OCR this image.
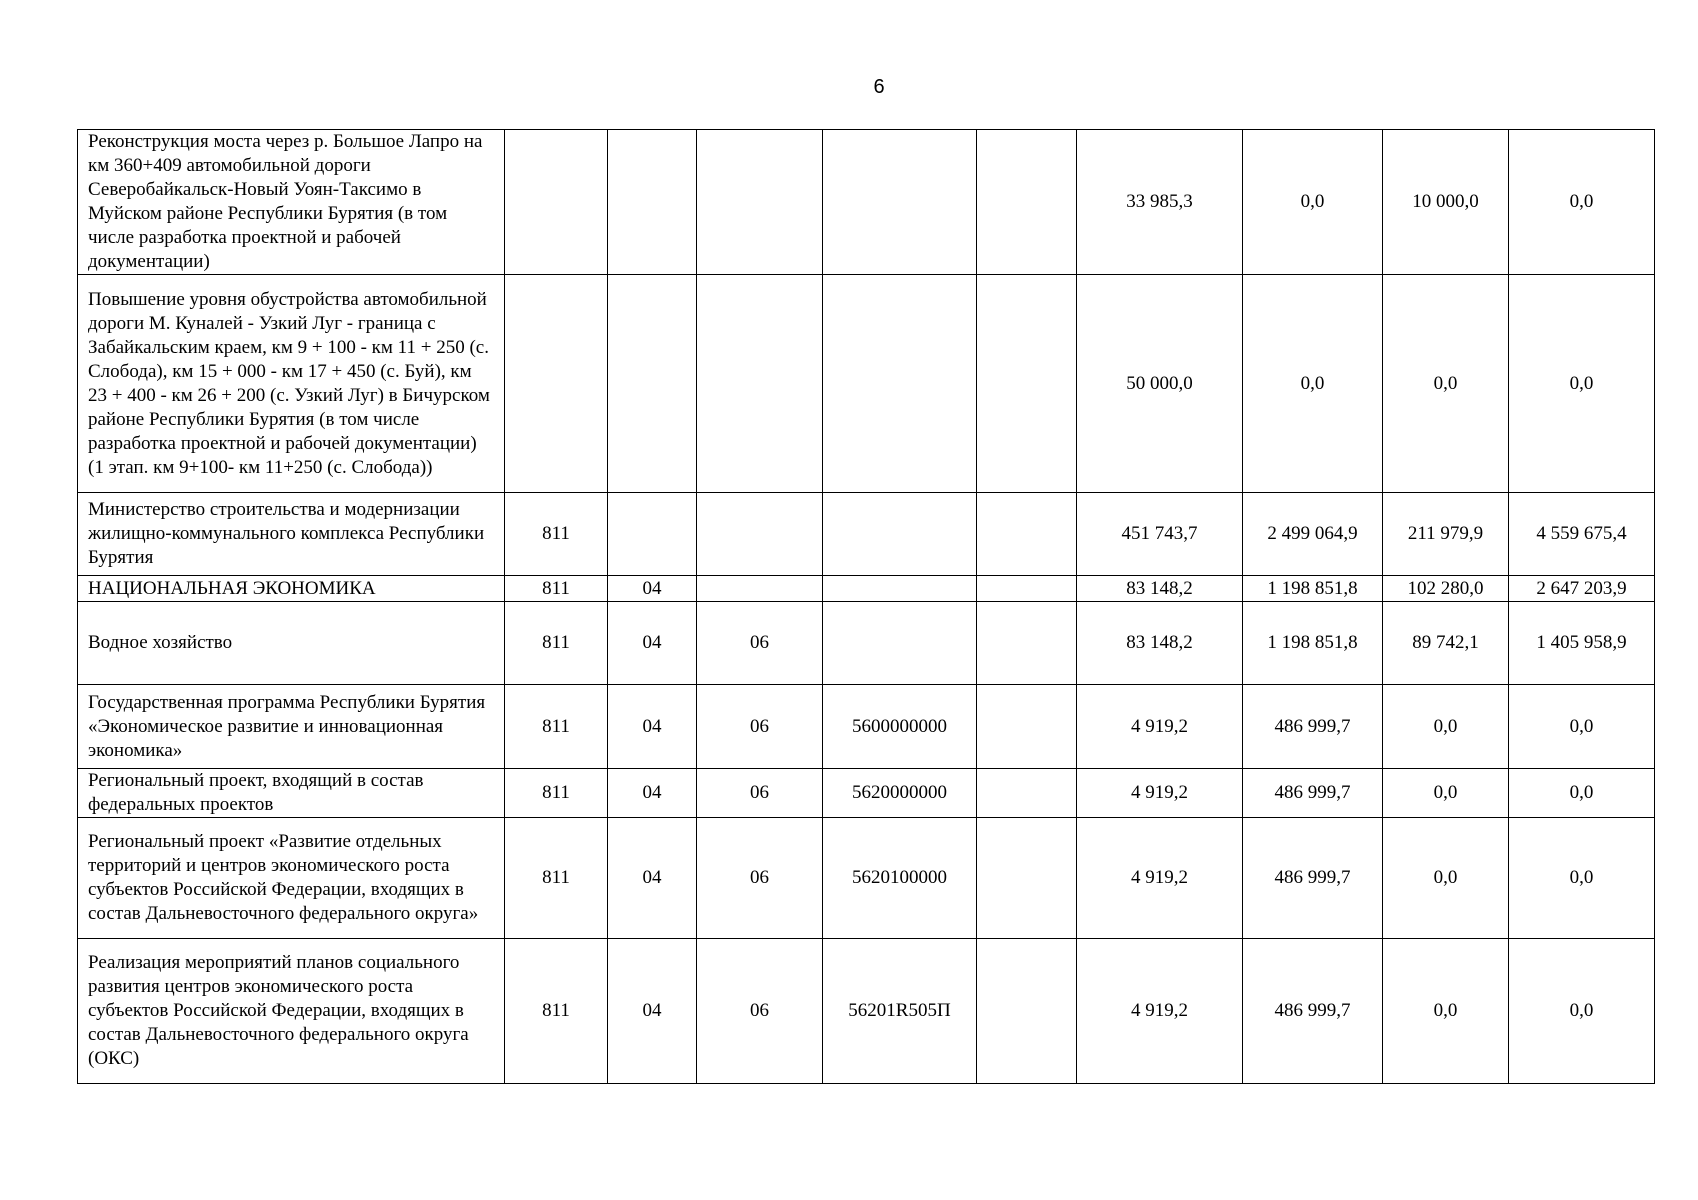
6
Реконструкция моста через р. Большое Лапро на км 360+409 автомобильной дороги Северобайкальск-Новый Уоян-Таксимо в Муйском районе Республики Бурятия (в том числе разработка проектной и рабочей документации)						33 985,3	0,0	10 000,0	0,0
Повышение уровня обустройства автомобильной дороги М. Куналей - Узкий Луг - граница с Забайкальским краем, км 9 + 100 - км 11 + 250 (с. Слобода), км 15 + 000 - км 17 + 450 (с. Буй), км 23 + 400 - км 26 + 200 (с. Узкий Луг) в Бичурском районе Республики Бурятия (в том числе разработка проектной и рабочей документации) (1 этап. км 9+100- км 11+250 (с. Слобода))						50 000,0	0,0	0,0	0,0
Министерство строительства и модернизации жилищно-коммунального комплекса Республики Бурятия	811					451 743,7	2 499 064,9	211 979,9	4 559 675,4
НАЦИОНАЛЬНАЯ ЭКОНОМИКА	811	04				83 148,2	1 198 851,8	102 280,0	2 647 203,9
Водное хозяйство	811	04	06			83 148,2	1 198 851,8	89 742,1	1 405 958,9
Государственная программа Республики Бурятия «Экономическое развитие и инновационная экономика»	811	04	06	5600000000		4 919,2	486 999,7	0,0	0,0
Региональный проект, входящий в состав федеральных проектов	811	04	06	5620000000		4 919,2	486 999,7	0,0	0,0
Региональный проект «Развитие отдельных территорий и центров экономического роста субъектов Российской Федерации, входящих в состав Дальневосточного федерального округа»	811	04	06	5620100000		4 919,2	486 999,7	0,0	0,0
Реализация мероприятий планов социального развития центров экономического роста субъектов Российской Федерации, входящих в состав Дальневосточного федерального округа (ОКС)	811	04	06	56201R505П		4 919,2	486 999,7	0,0	0,0
